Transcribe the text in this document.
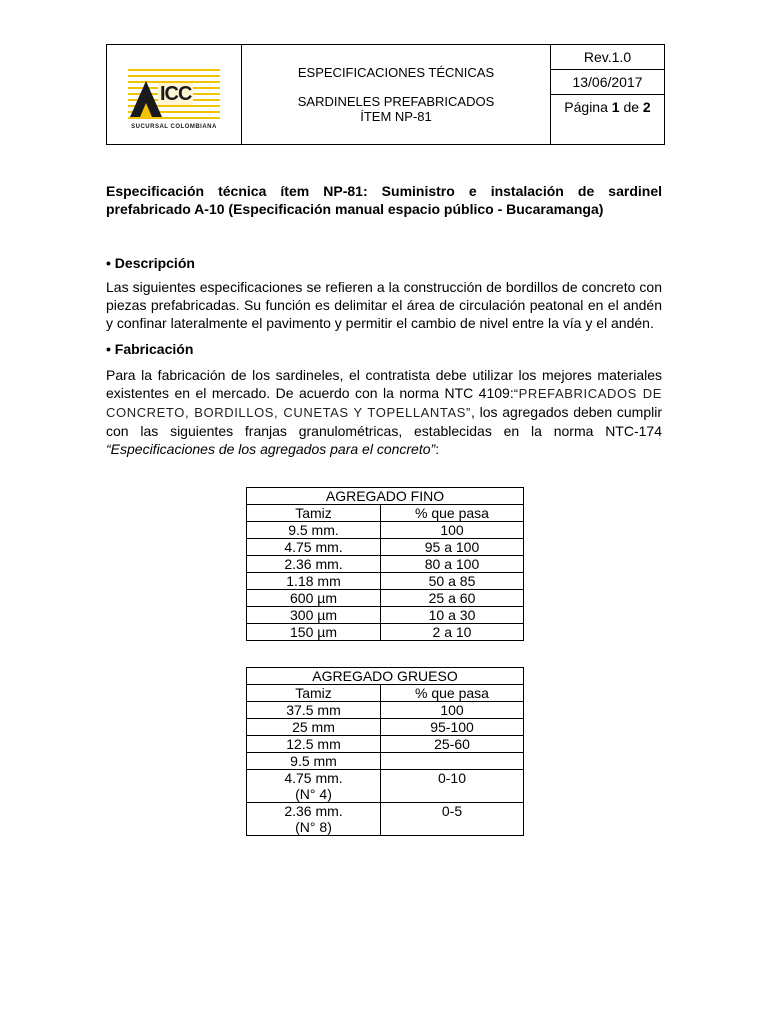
ICC
SUCURSAL COLOMBIANA

ESPECIFICACIONES TÉCNICAS
SARDINELES PREFABRICADOS
ÍTEM NP-81
	Rev.1.0
13/06/2017
Página 1 de 2

Especificación técnica ítem NP-81: Suministro e instalación de sardinel prefabricado A-10 (Especificación manual espacio público - Bucaramanga)

• Descripción

Las siguientes especificaciones se refieren a la construcción de bordillos de concreto con piezas prefabricadas. Su función es delimitar el área de circulación peatonal en el andén y confinar lateralmente el pavimento y permitir el cambio de nivel entre la vía y el andén.

• Fabricación

Para la fabricación de los sardineles, el contratista debe utilizar los mejores materiales existentes en el mercado. De acuerdo con la norma NTC 4109:“PREFABRICADOS DE CONCRETO, BORDILLOS, CUNETAS Y TOPELLANTAS”, los agregados deben cumplir con las siguientes franjas granulométricas, establecidas en la norma NTC-174 “Especificaciones de los agregados para el concreto”:

AGREGADO FINO	
Tamiz	% que pasa
9.5 mm.	100
4.75 mm.	95 a 100
2.36 mm.	80 a 100
1.18 mm	50 a 85
600 µm	25 a 60
300 µm	10 a 30
150 µm	2 a 10
AGREGADO GRUESO	
Tamiz	% que pasa
37.5 mm	100
25 mm	95-100
12.5 mm	25-60
9.5 mm	

4.75 mm.
(N° 4)	0-10

2.36 mm.
(N° 8)	0-5
